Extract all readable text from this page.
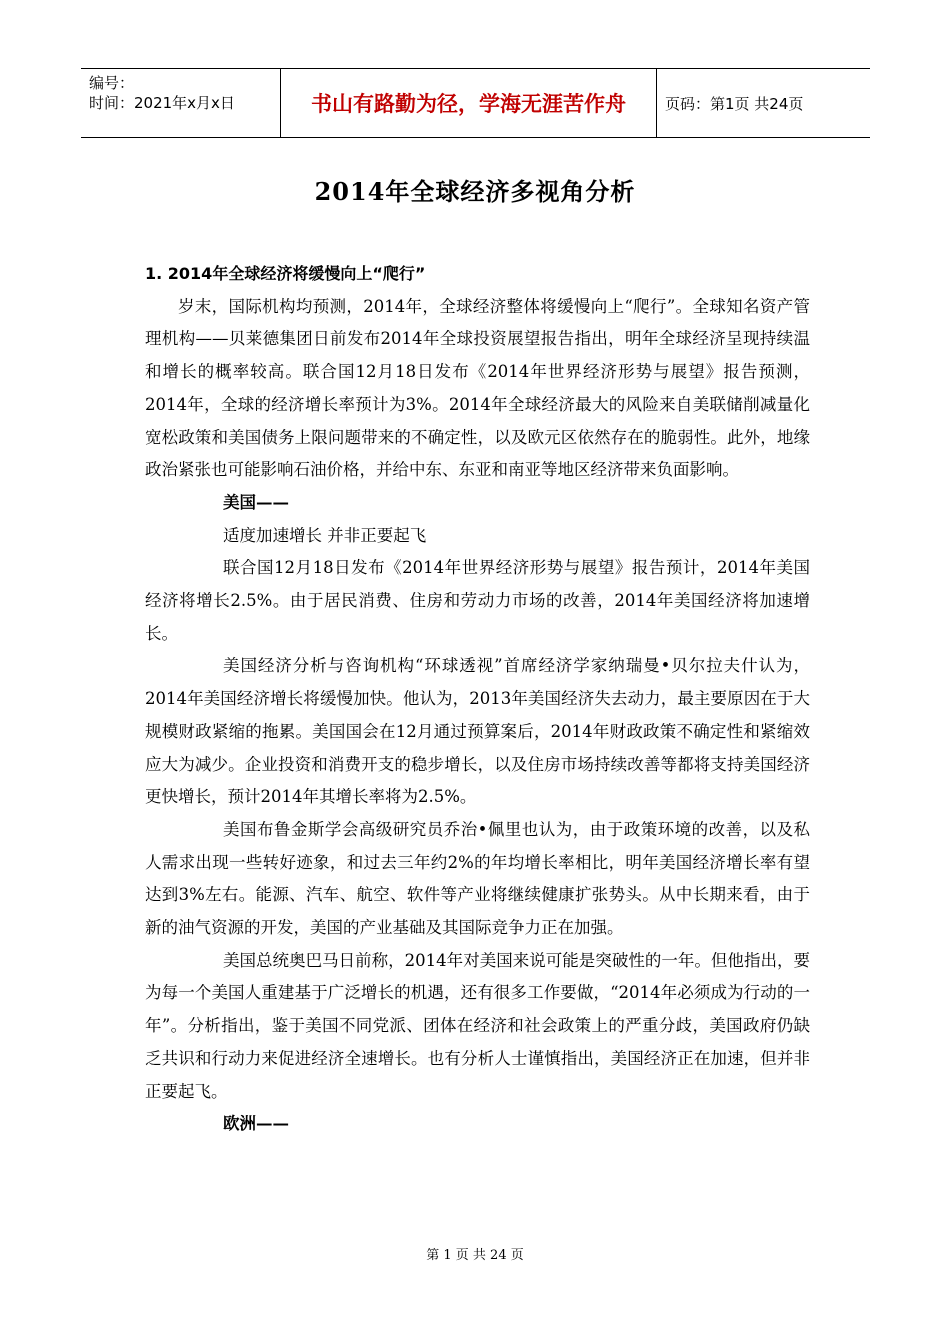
编号：
时间：2021年x月x日	书山有路勤为径，学海无涯苦作舟	页码：第1页 共24页
2014年全球经济多视角分析

1. 2014年全球经济将缓慢向上“爬行”

岁末，国际机构均预测，2014年，全球经济整体将缓慢向上“爬行”。全球知名资产管理机构——贝莱德集团日前发布2014年全球投资展望报告指出，明年全球经济呈现持续温和增长的概率较高。联合国12月18日发布《2014年世界经济形势与展望》报告预测，2014年，全球的经济增长率预计为3%。2014年全球经济最大的风险来自美联储削减量化宽松政策和美国债务上限问题带来的不确定性，以及欧元区依然存在的脆弱性。此外，地缘政治紧张也可能影响石油价格，并给中东、东亚和南亚等地区经济带来负面影响。

美国——

适度加速增长 并非正要起飞

联合国12月18日发布《2014年世界经济形势与展望》报告预计，2014年美国经济将增长2.5%。由于居民消费、住房和劳动力市场的改善，2014年美国经济将加速增长。

美国经济分析与咨询机构“环球透视”首席经济学家纳瑞曼•贝尔拉夫什认为，2014年美国经济增长将缓慢加快。他认为，2013年美国经济失去动力，最主要原因在于大规模财政紧缩的拖累。美国国会在12月通过预算案后，2014年财政政策不确定性和紧缩效应大为减少。企业投资和消费开支的稳步增长，以及住房市场持续改善等都将支持美国经济更快增长，预计2014年其增长率将为2.5%。

美国布鲁金斯学会高级研究员乔治•佩里也认为，由于政策环境的改善，以及私人需求出现一些转好迹象，和过去三年约2%的年均增长率相比，明年美国经济增长率有望达到3%左右。能源、汽车、航空、软件等产业将继续健康扩张势头。从中长期来看，由于新的油气资源的开发，美国的产业基础及其国际竞争力正在加强。

美国总统奥巴马日前称，2014年对美国来说可能是突破性的一年。但他指出，要为每一个美国人重建基于广泛增长的机遇，还有很多工作要做，“2014年必须成为行动的一年”。分析指出，鉴于美国不同党派、团体在经济和社会政策上的严重分歧，美国政府仍缺乏共识和行动力来促进经济全速增长。也有分析人士谨慎指出，美国经济正在加速，但并非正要起飞。

欧洲——

第 1 页 共 24 页
